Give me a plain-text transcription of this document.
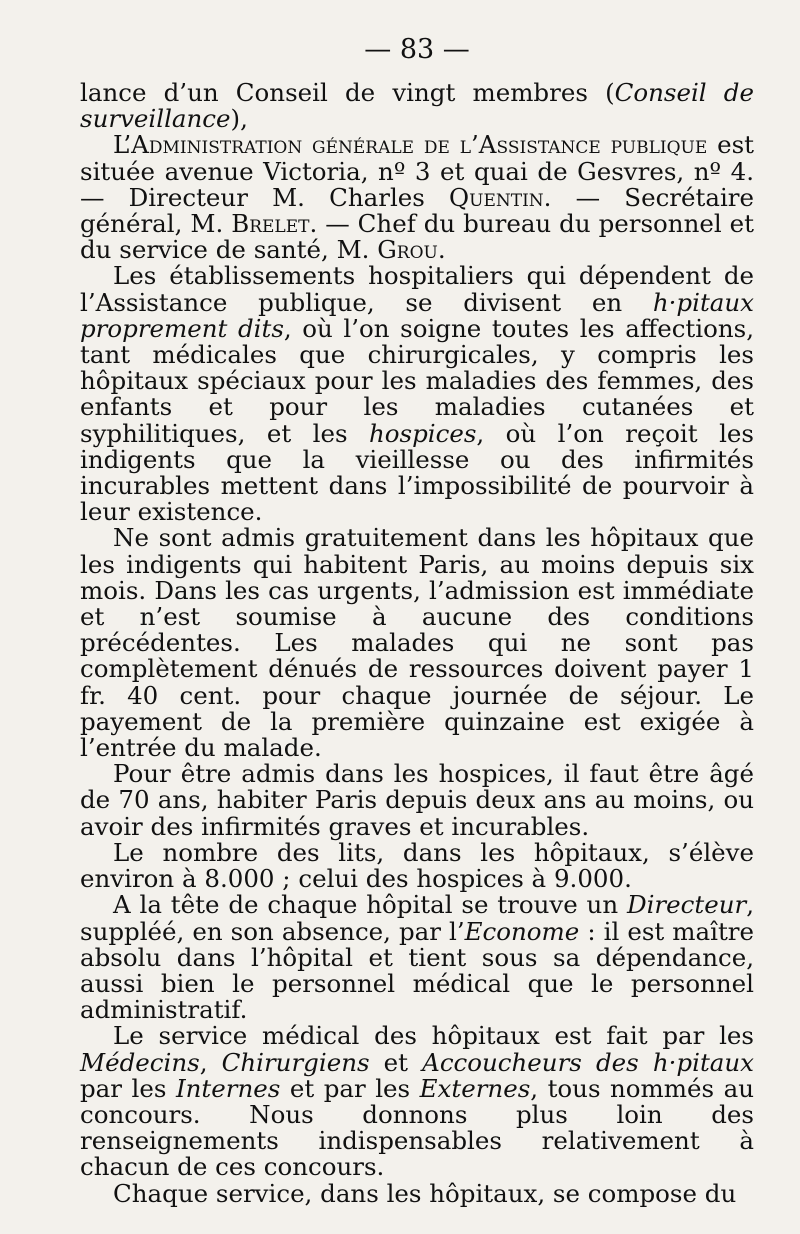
— 83 —

lance d’un Conseil de vingt membres (Conseil de surveillance),

L’Administration générale de l’Assistance publique est située avenue Victoria, nº 3 et quai de Gesvres, nº 4. — Directeur M. Charles Quentin. — Secrétaire général, M. Brelet. — Chef du bureau du personnel et du service de santé, M. Grou.

Les établissements hospitaliers qui dépendent de l’Assistance publique, se divisent en h·pitaux proprement dits, où l’on soigne toutes les affections, tant médicales que chirurgicales, y compris les hôpitaux spéciaux pour les maladies des femmes, des enfants et pour les maladies cutanées et syphilitiques, et les hospices, où l’on reçoit les indigents que la vieillesse ou des infirmités incurables mettent dans l’impossibilité de pourvoir à leur existence.

Ne sont admis gratuitement dans les hôpitaux que les indigents qui habitent Paris, au moins depuis six mois. Dans les cas urgents, l’admission est immédiate et n’est soumise à aucune des conditions précédentes. Les malades qui ne sont pas complètement dénués de ressources doivent payer 1 fr. 40 cent. pour chaque journée de séjour. Le payement de la première quinzaine est exigée à l’entrée du malade.

Pour être admis dans les hospices, il faut être âgé de 70 ans, habiter Paris depuis deux ans au moins, ou avoir des infirmités graves et incurables.

Le nombre des lits, dans les hôpitaux, s’élève environ à 8.000 ; celui des hospices à 9.000.

A la tête de chaque hôpital se trouve un Directeur, suppléé, en son absence, par l’Econome : il est maître absolu dans l’hôpital et tient sous sa dépendance, aussi bien le personnel médical que le personnel administratif.

Le service médical des hôpitaux est fait par les Médecins, Chirurgiens et Accoucheurs des h·pitaux par les Internes et par les Externes, tous nommés au concours. Nous donnons plus loin des renseignements indispensables relativement à chacun de ces concours.

Chaque service, dans les hôpitaux, se compose du
